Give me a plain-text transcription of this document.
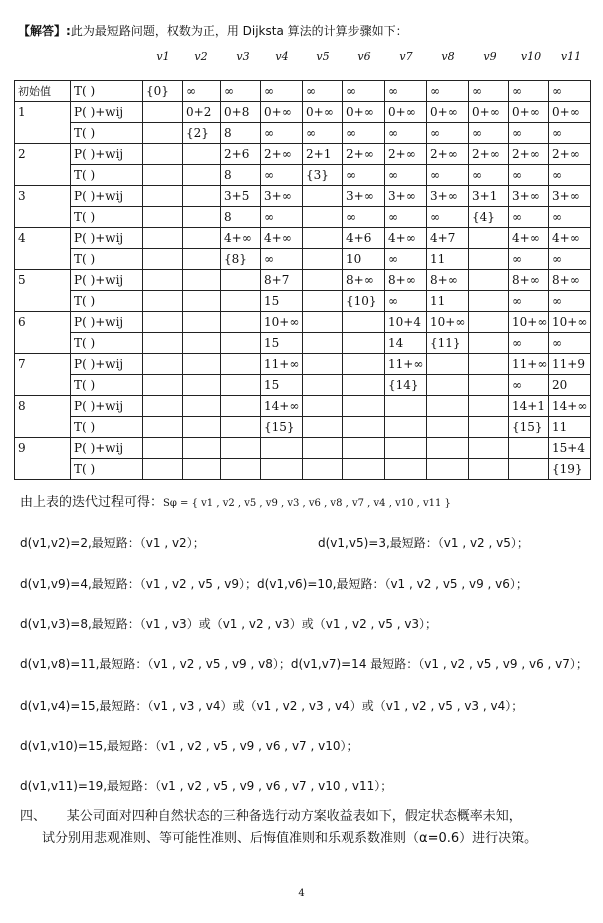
【解答】:此为最短路问题，权数为正，用 Dijksta 算法的计算步骤如下：
v1	v2	v3	v4	v5	v6	v7	v8	v9	v10	v11
初始值	T( )	{0}	∞	∞	∞	∞	∞	∞	∞	∞	∞	∞
1	P( )+wij		0+2	0+8	0+∞	0+∞	0+∞	0+∞	0+∞	0+∞	0+∞	0+∞
	T( )		{2}	8	∞	∞	∞	∞	∞	∞	∞	∞
2	P( )+wij			2+6	2+∞	2+1	2+∞	2+∞	2+∞	2+∞	2+∞	2+∞
	T( )			8	∞	{3}	∞	∞	∞	∞	∞	∞
3	P( )+wij			3+5	3+∞		3+∞	3+∞	3+∞	3+1	3+∞	3+∞
	T( )			8	∞		∞	∞	∞	{4}	∞	∞
4	P( )+wij			4+∞	4+∞		4+6	4+∞	4+7		4+∞	4+∞
	T( )			{8}	∞		10	∞	11		∞	∞
5	P( )+wij				8+7		8+∞	8+∞	8+∞		8+∞	8+∞
	T( )				15		{10}	∞	11		∞	∞
6	P( )+wij				10+∞			10+4	10+∞		10+∞	10+∞
	T( )				15			14	{11}		∞	∞
7	P( )+wij				11+∞			11+∞			11+∞	11+9
	T( )				15			{14}			∞	20
8	P( )+wij				14+∞						14+1	14+∞
	T( )				{15}						{15}	11
9	P( )+wij											15+4
	T( )											{19}
由上表的迭代过程可得：Sφ = { v1 , v2 , v5 , v9 , v3 , v6 , v8 , v7 , v4 , v10 , v11 }
d(v1,v2)=2,最短路：（v1 , v2）；	d(v1,v5)=3,最短路：（v1 , v2 , v5）；
d(v1,v9)=4,最短路：（v1 , v2 , v5 , v9）；d(v1,v6)=10,最短路：（v1 , v2 , v5 , v9 , v6）；
d(v1,v3)=8,最短路：（v1 , v3）或（v1 , v2 , v3）或（v1 , v2 , v5 , v3）；
d(v1,v8)=11,最短路：（v1 , v2 , v5 , v9 , v8）；d(v1,v7)=14 最短路：（v1 , v2 , v5 , v9 , v6 , v7）；
d(v1,v4)=15,最短路：（v1 , v3 , v4）或（v1 , v2 , v3 , v4）或（v1 , v2 , v5 , v3 , v4）；
d(v1,v10)=15,最短路：（v1 , v2 , v5 , v9 , v6 , v7 , v10）；
d(v1,v11)=19,最短路：（v1 , v2 , v5 , v9 , v6 , v7 , v10 , v11）；
四、 某公司面对四种自然状态的三种备选行动方案收益表如下，假定状态概率未知，
试分别用悲观准则、等可能性准则、后悔值准则和乐观系数准则（α=0.6）进行决策。
4
